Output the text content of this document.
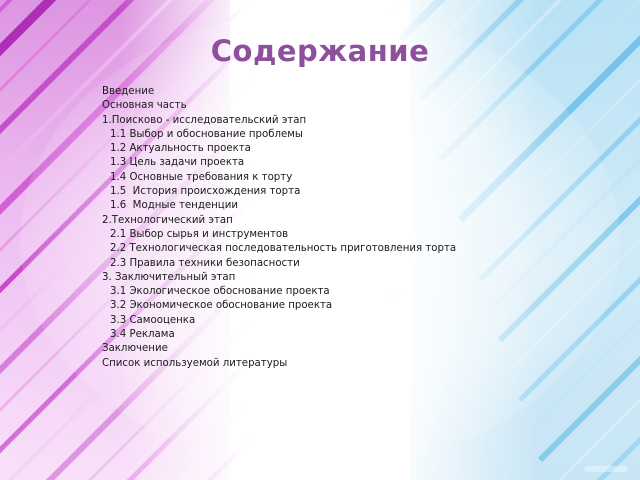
Содержание
Введение
Основная часть
1.Поисково - исследовательский этап
1.1 Выбор и обоснование проблемы
1.2 Актуальность проекта
1.3 Цель задачи проекта
1.4 Основные требования к торту
1.5  История происхождения торта
1.6  Модные тенденции
2.Технологический этап
2.1 Выбор сырья и инструментов
2.2 Технологическая последовательность приготовления торта
2.3 Правила техники безопасности
3. Заключительный этап
3.1 Экологическое обоснование проекта
3.2 Экономическое обоснование проекта
3.3 Самооценка
3.4 Реклама
Заключение
Список используемой литературы
